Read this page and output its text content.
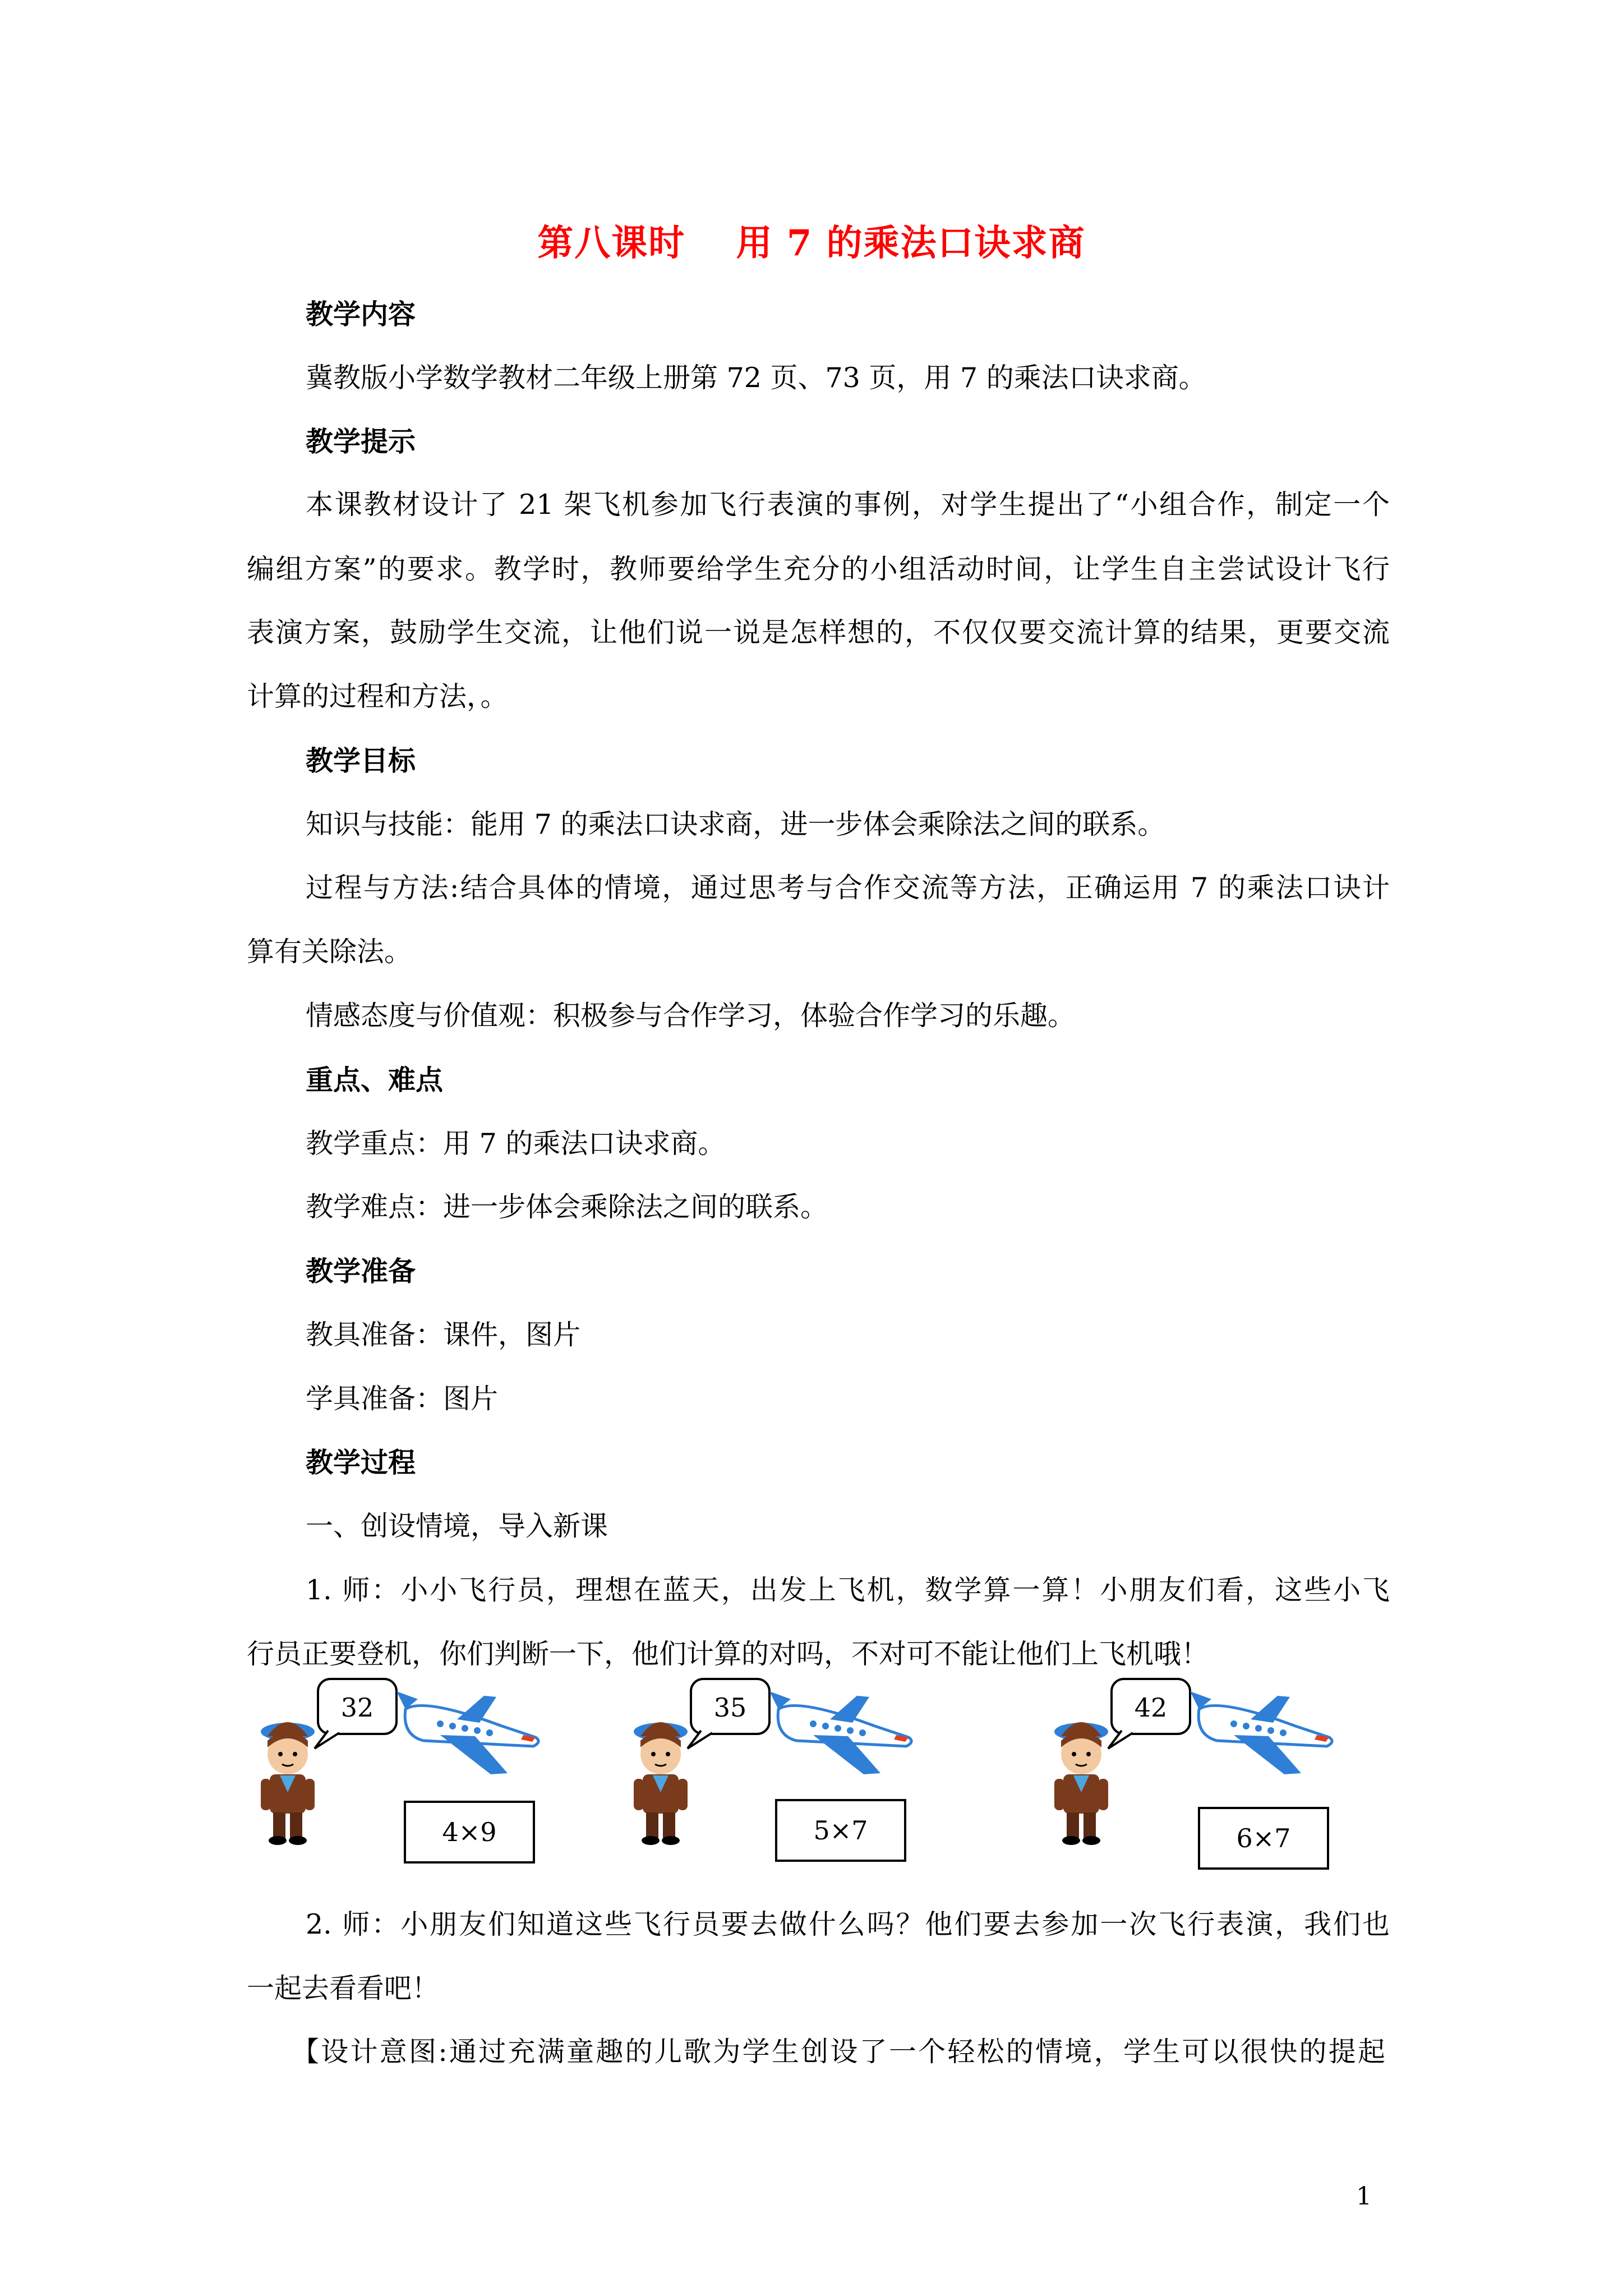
第八课时　 用 7 的乘法口诀求商
教学内容
冀教版小学数学教材二年级上册第 72 页、73 页，用 7 的乘法口诀求商。
教学提示
本课教材设计了 21 架飞机参加飞行表演的事例，对学生提出了“小组合作，制定一个
编组方案”的要求。教学时，教师要给学生充分的小组活动时间，让学生自主尝试设计飞行
表演方案，鼓励学生交流，让他们说一说是怎样想的，不仅仅要交流计算的结果，更要交流
计算的过程和方法，。
教学目标
知识与技能：能用 7 的乘法口诀求商，进一步体会乘除法之间的联系。
过程与方法:结合具体的情境，通过思考与合作交流等方法，正确运用 7 的乘法口诀计
算有关除法。
情感态度与价值观：积极参与合作学习，体验合作学习的乐趣。
重点、难点
教学重点：用 7 的乘法口诀求商。
教学难点：进一步体会乘除法之间的联系。
教学准备
教具准备：课件，图片
学具准备：图片
教学过程
一、创设情境，导入新课
1. 师：小小飞行员，理想在蓝天，出发上飞机，数学算一算！小朋友们看，这些小飞
行员正要登机，你们判断一下，他们计算的对吗，不对可不能让他们上飞机哦！
32
4×9
35
5×7
42
6×7
2. 师：小朋友们知道这些飞行员要去做什么吗？他们要去参加一次飞行表演，我们也
一起去看看吧！
【设计意图:通过充满童趣的儿歌为学生创设了一个轻松的情境，学生可以很快的提起
1
